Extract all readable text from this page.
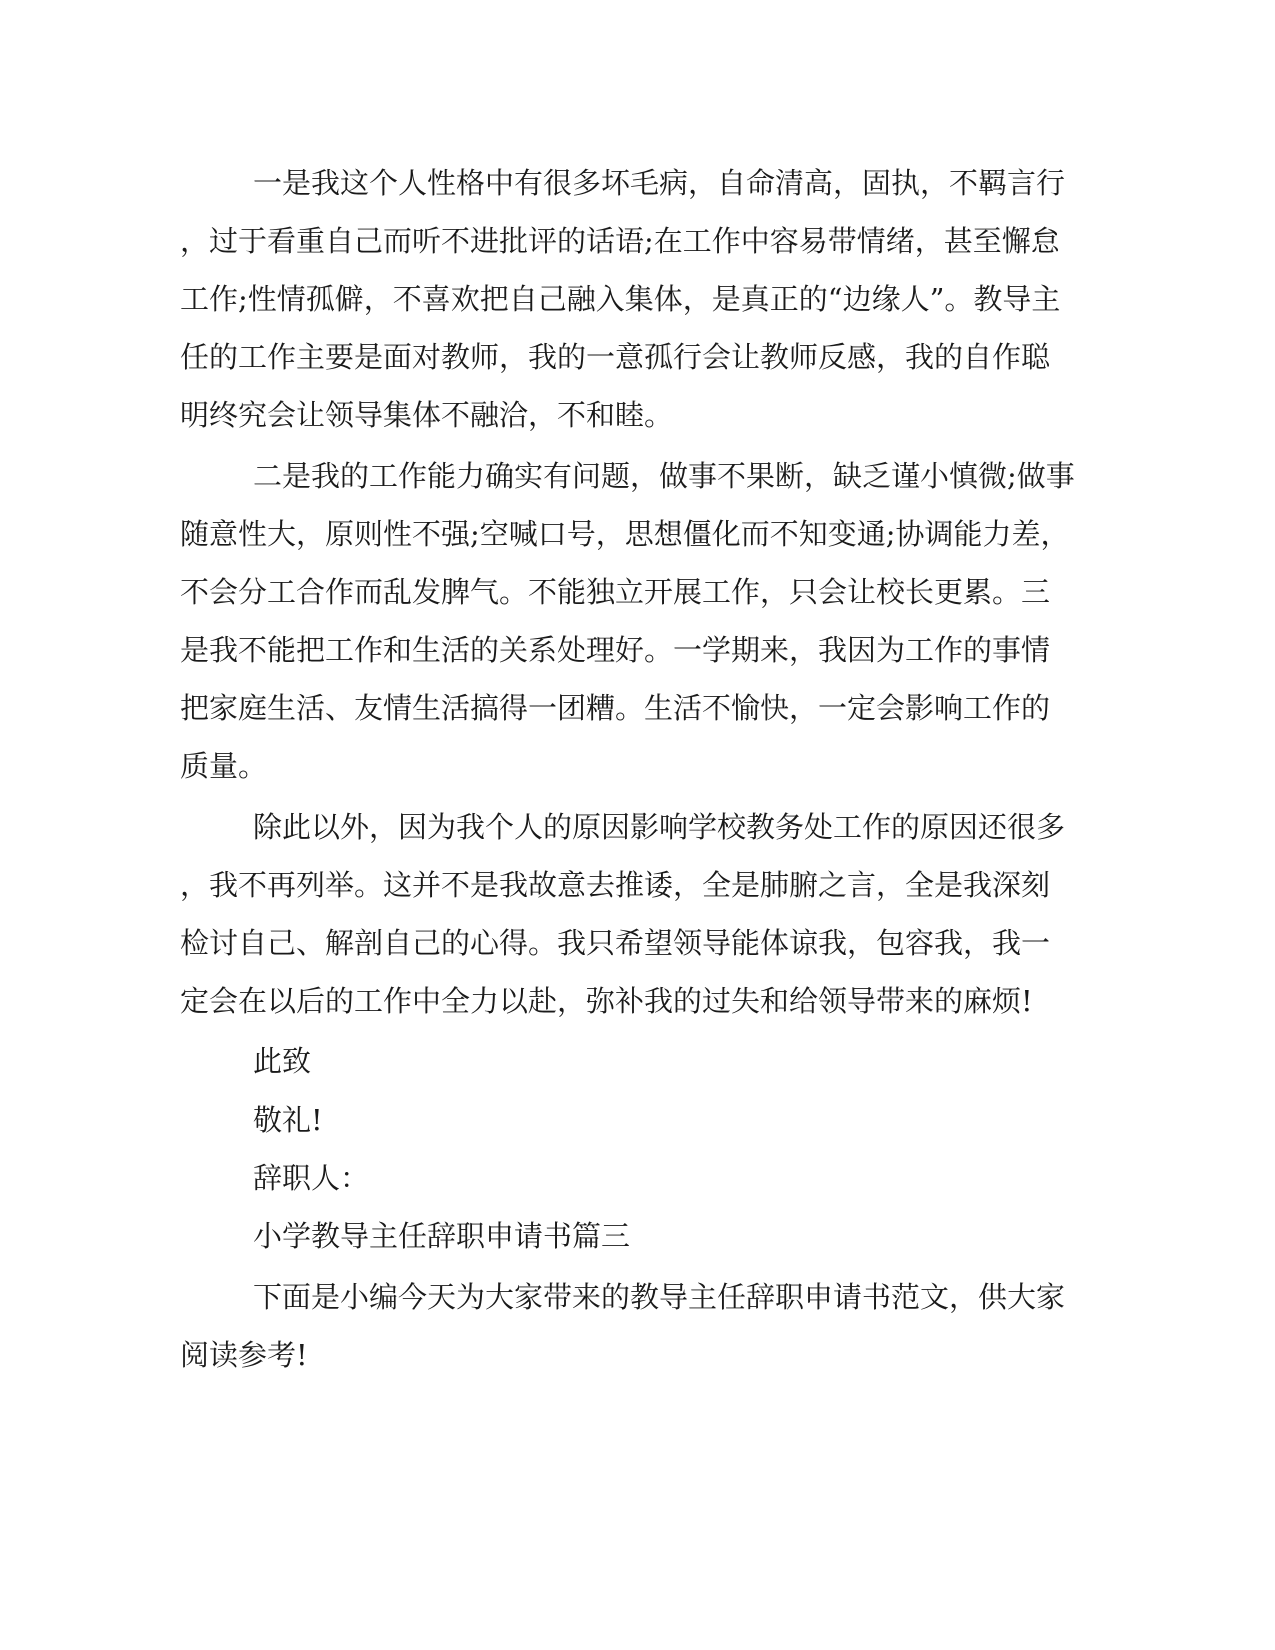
一是我这个人性格中有很多坏毛病，自命清高，固执，不羁言行

，过于看重自己而听不进批评的话语;在工作中容易带情绪，甚至懈怠

工作;性情孤僻，不喜欢把自己融入集体，是真正的“边缘人”。教导主

任的工作主要是面对教师，我的一意孤行会让教师反感，我的自作聪

明终究会让领导集体不融洽，不和睦。

二是我的工作能力确实有问题，做事不果断，缺乏谨小慎微;做事

随意性大，原则性不强;空喊口号，思想僵化而不知变通;协调能力差，

不会分工合作而乱发脾气。不能独立开展工作，只会让校长更累。三

是我不能把工作和生活的关系处理好。一学期来，我因为工作的事情

把家庭生活、友情生活搞得一团糟。生活不愉快，一定会影响工作的

质量。

除此以外，因为我个人的原因影响学校教务处工作的原因还很多

，我不再列举。这并不是我故意去推诿，全是肺腑之言，全是我深刻

检讨自己、解剖自己的心得。我只希望领导能体谅我，包容我，我一

定会在以后的工作中全力以赴，弥补我的过失和给领导带来的麻烦!

此致

敬礼!

辞职人：

小学教导主任辞职申请书篇三

下面是小编今天为大家带来的教导主任辞职申请书范文，供大家

阅读参考!
